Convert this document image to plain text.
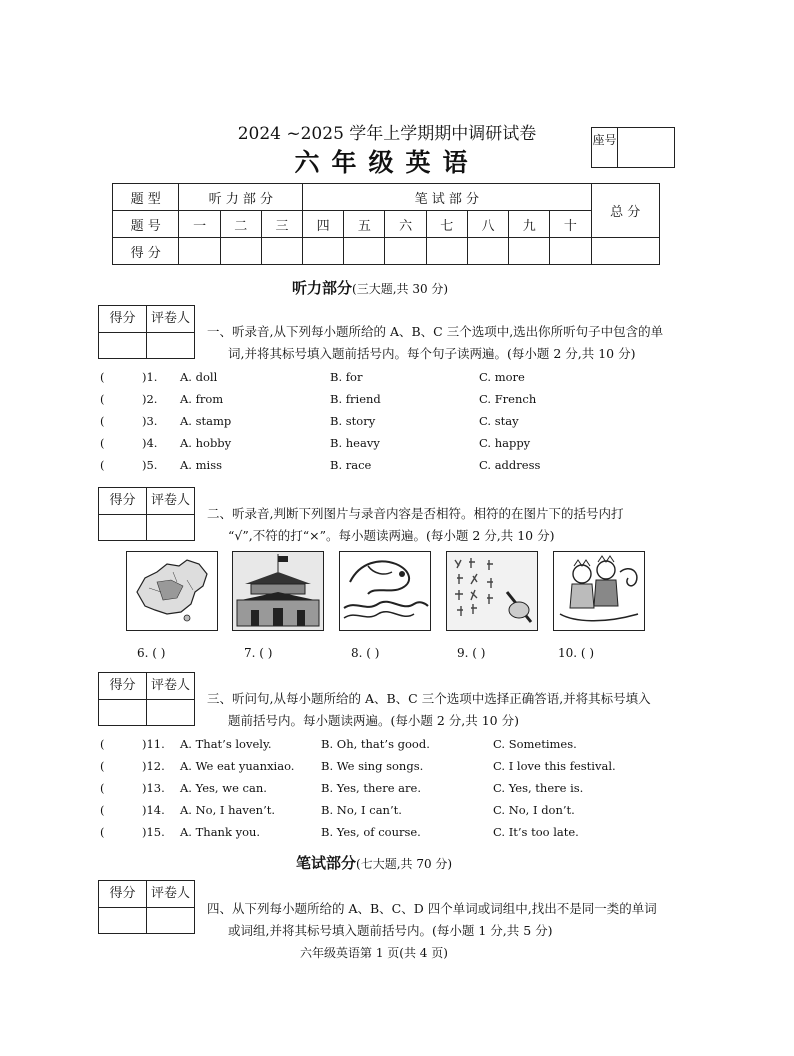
2024 ~2025 学年上学期期中调研试卷
六年级英语
座号
题 型	听 力 部 分			笔 试 部 分							总 分
题 号	一	二	三	四	五	六	七	八	九	十	
得 分											
听力部分(三大题,共 30 分)
得分	评卷人
一、听录音,从下列每小题所给的 A、B、C 三个选项中,选出你所听句子中包含的单
词,并将其标号填入题前括号内。每个句子读两遍。(每小题 2 分,共 10 分)
(	)1.	A. doll	B. for	C. more
(	)2.	A. from	B. friend	C. French
(	)3.	A. stamp	B. story	C. stay
(	)4.	A. hobby	B. heavy	C. happy
(	)5.	A. miss	B. race	C. address
得分	评卷人
二、听录音,判断下列图片与录音内容是否相符。相符的在图片下的括号内打
“√”,不符的打“×”。每小题读两遍。(每小题 2 分,共 10 分)
6. ( )	7. ( )	8. ( )	9. ( )	10. ( )
得分	评卷人
三、听问句,从每小题所给的 A、B、C 三个选项中选择正确答语,并将其标号填入
题前括号内。每小题读两遍。(每小题 2 分,共 10 分)
(	)11.	A. That’s lovely.	B. Oh, that’s good.	C. Sometimes.
(	)12.	A. We eat yuanxiao.	B. We sing songs.	C. I love this festival.
(	)13.	A. Yes, we can.	B. Yes, there are.	C. Yes, there is.
(	)14.	A. No, I haven’t.	B. No, I can’t.	C. No, I don’t.
(	)15.	A. Thank you.	B. Yes, of course.	C. It’s too late.
笔试部分(七大题,共 70 分)
得分	评卷人
四、从下列每小题所给的 A、B、C、D 四个单词或词组中,找出不是同一类的单词
或词组,并将其标号填入题前括号内。(每小题 1 分,共 5 分)
六年级英语第 1 页(共 4 页)
